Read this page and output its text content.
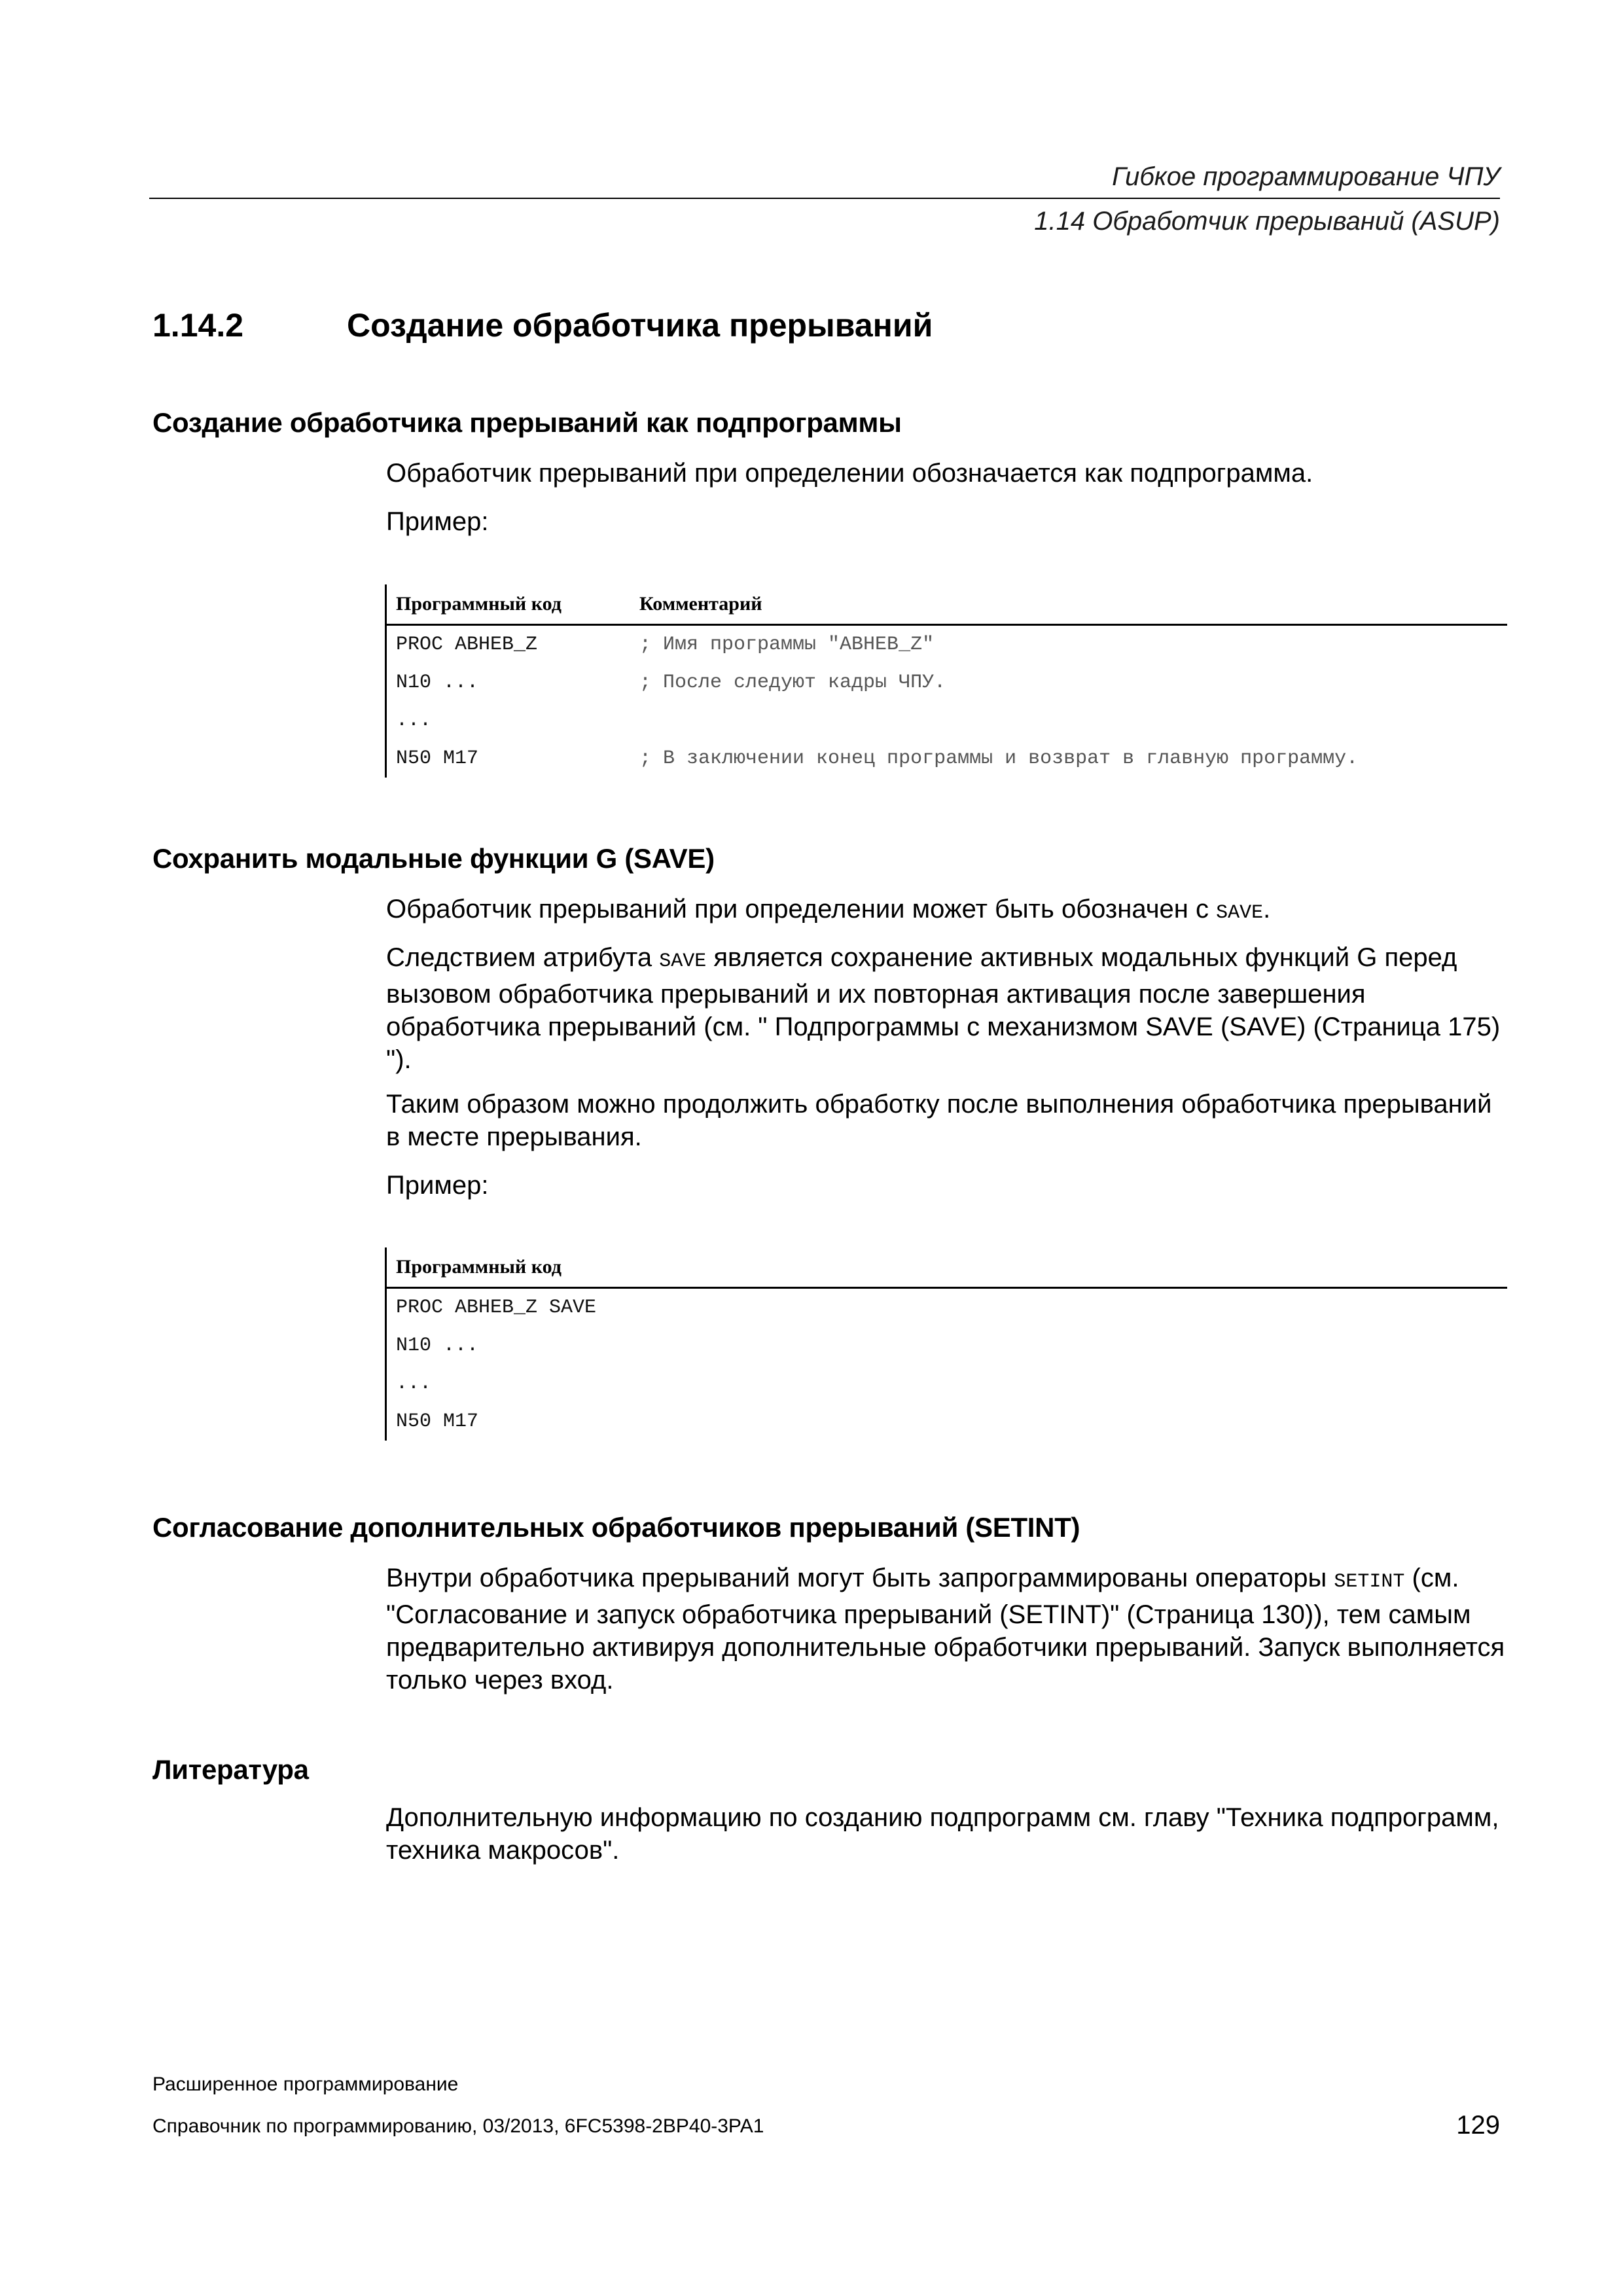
Гибкое программирование ЧПУ
1.14 Обработчик прерываний (ASUP)
1.14.2	Создание обработчика прерываний
Создание обработчика прерываний как подпрограммы

Обработчик прерываний при определении обозначается как подпрограмма.

Пример:

Программный код	Комментарий
PROC ABHEB_Z	; Имя программы "ABHEB_Z"
N10 ...	; После следуют кадры ЧПУ.
...
N50 M17	; В заключении конец программы и возврат в главную программу.
Сохранить модальные функции G (SAVE)

Обработчик прерываний при определении может быть обозначен с SAVE.

Следствием атрибута SAVE является сохранение активных модальных функций G перед вызовом обработчика прерываний и их повторная активация после завершения обработчика прерываний (см. " Подпрограммы с механизмом SAVE (SAVE) (Страница 175) ").

Таким образом можно продолжить обработку после выполнения обработчика прерываний в месте прерывания.

Пример:

Программный код
PROC ABHEB_Z SAVE
N10 ...
...
N50 M17
Согласование дополнительных обработчиков прерываний (SETINT)

Внутри обработчика прерываний могут быть запрограммированы операторы SETINT (см. "Согласование и запуск обработчика прерываний (SETINT)" (Страница 130)), тем самым предварительно активируя дополнительные обработчики прерываний. Запуск выполняется только через вход.

Литература

Дополнительную информацию по созданию подпрограмм см. главу "Техника подпрограмм, техника макросов".

Расширенное программирование
Справочник по программированию, 03/2013, 6FC5398-2BP40-3PA1	129
